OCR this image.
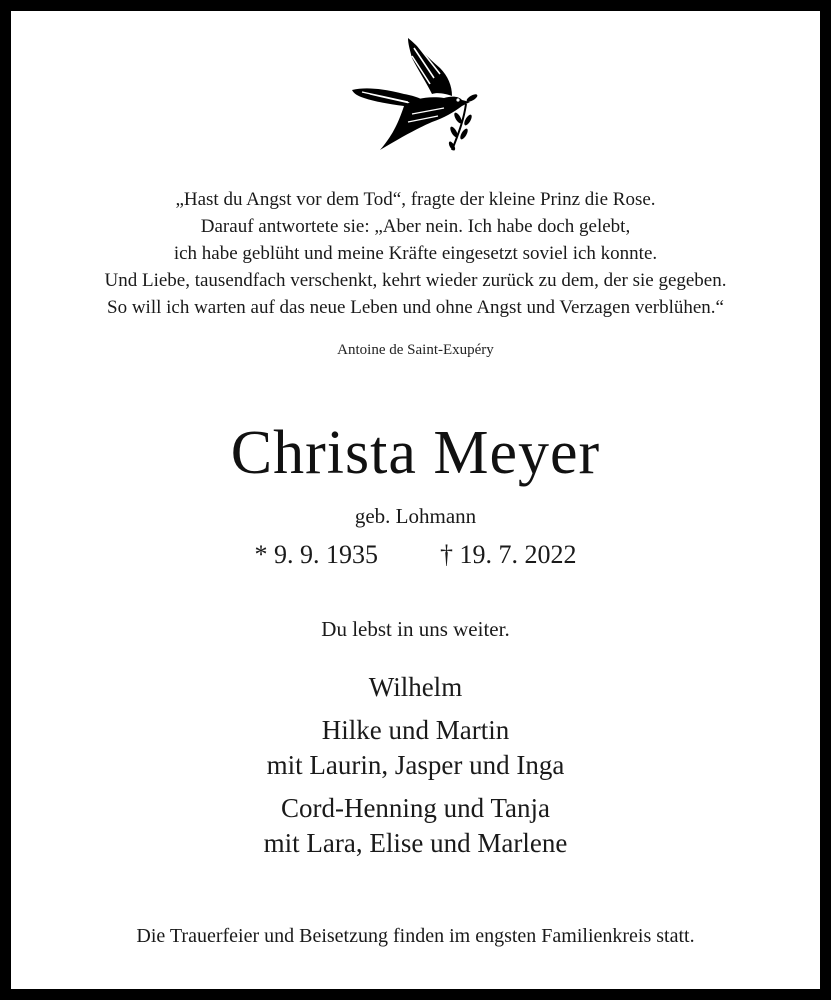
„Hast du Angst vor dem Tod“, fragte der kleine Prinz die Rose.
Darauf antwortete sie: „Aber nein. Ich habe doch gelebt,
ich habe geblüht und meine Kräfte eingesetzt soviel ich konnte.
Und Liebe, tausendfach verschenkt, kehrt wieder zurück zu dem, der sie gegeben.
So will ich warten auf das neue Leben und ohne Angst und Verzagen verblühen.“
Antoine de Saint-Exupéry
Christa Meyer
geb. Lohmann
* 9. 9. 1935 † 19. 7. 2022
Du lebst in uns weiter.
Wilhelm
Hilke und Martin
mit Laurin, Jasper und Inga
Cord-Henning und Tanja
mit Lara, Elise und Marlene
Die Trauerfeier und Beisetzung finden im engsten Familienkreis statt.
